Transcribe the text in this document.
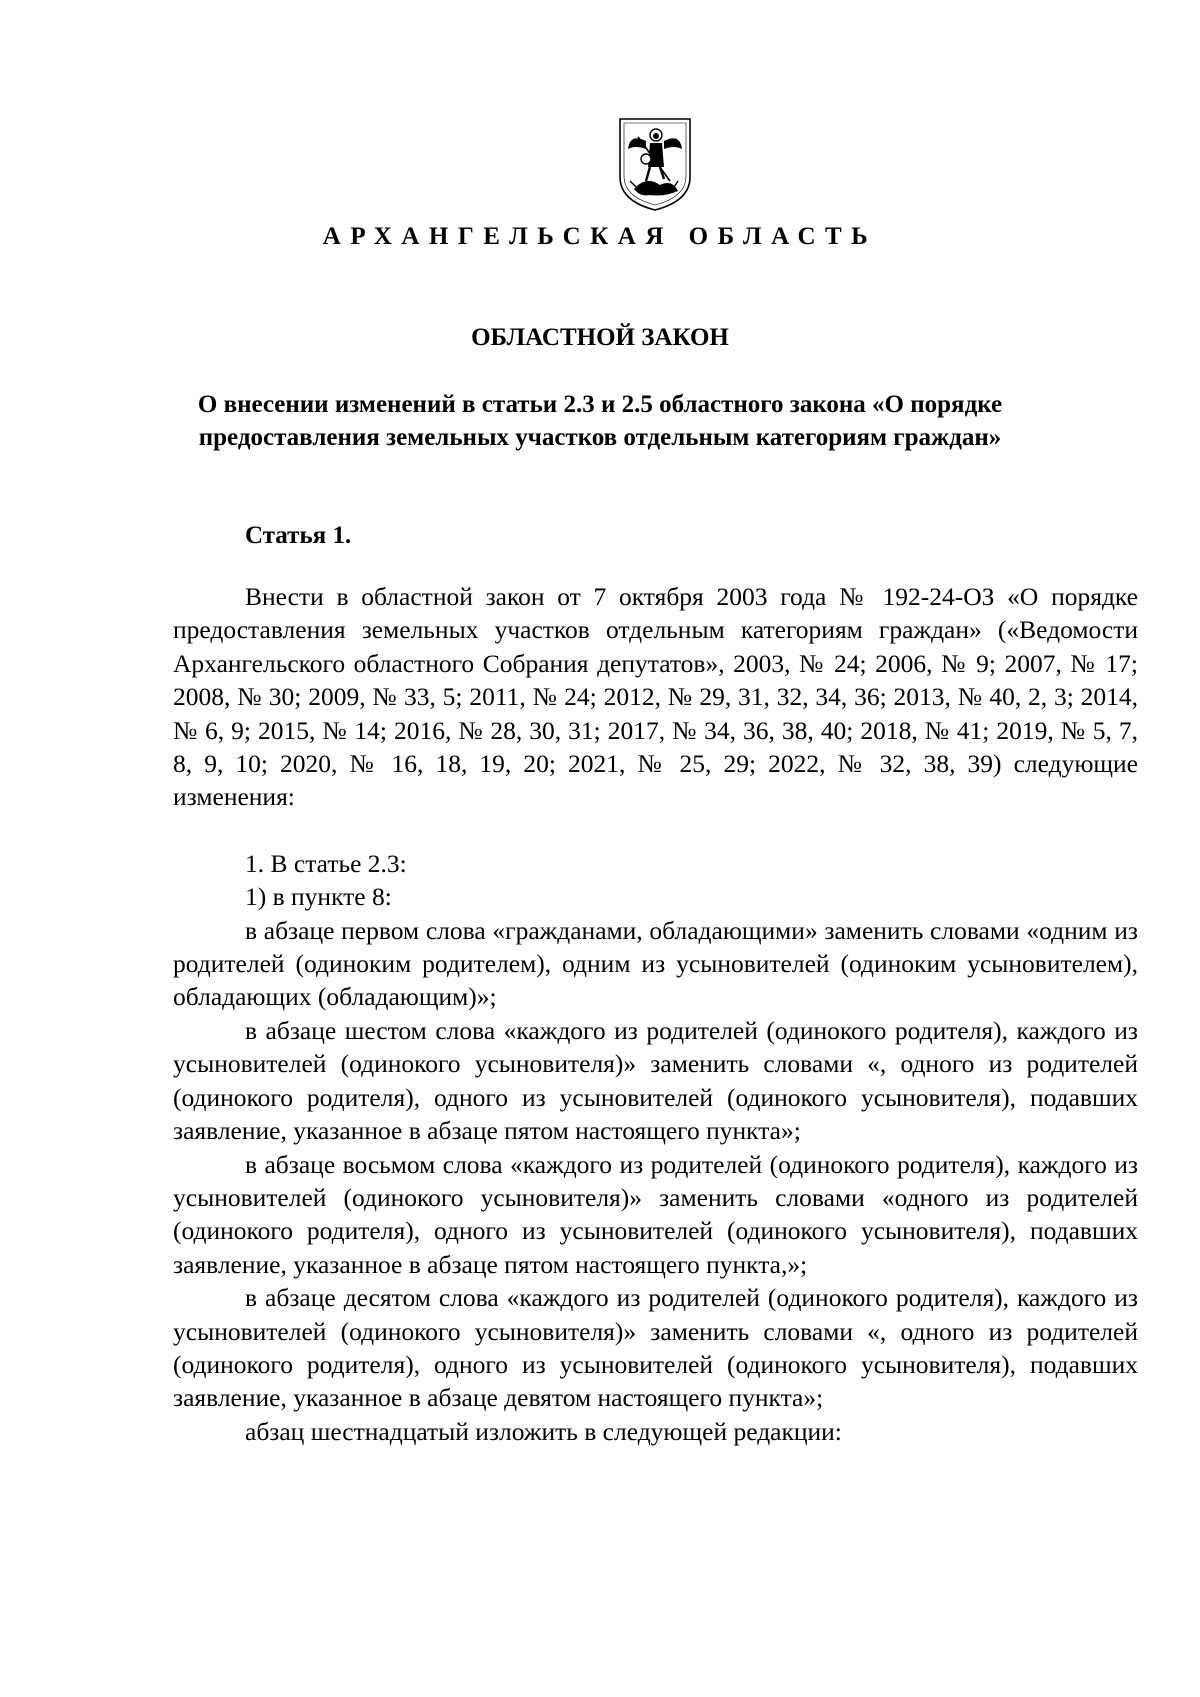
АРХАНГЕЛЬСКАЯ ОБЛАСТЬ
ОБЛАСТНОЙ ЗАКОН
О внесении изменений в статьи 2.3 и 2.5 областного закона «О порядке
предоставления земельных участков отдельным категориям граждан»
Статья 1.

Внести в областной закон от 7 октября 2003 года № 192-24-ОЗ «О порядке предоставления земельных участков отдельным категориям граждан» («Ведомости Архангельского областного Собрания депутатов», 2003, № 24; 2006, № 9; 2007, № 17; 2008, № 30; 2009, № 33, 5; 2011, № 24; 2012, № 29, 31, 32, 34, 36; 2013, № 40, 2, 3; 2014, № 6, 9; 2015, № 14; 2016, № 28, 30, 31; 2017, № 34, 36, 38, 40; 2018, № 41; 2019, № 5, 7, 8, 9, 10; 2020, № 16, 18, 19, 20; 2021, № 25, 29; 2022, № 32, 38, 39) следующие изменения:

1. В статье 2.3:

1) в пункте 8:

в абзаце первом слова «гражданами, обладающими» заменить словами «одним из родителей (одиноким родителем), одним из усыновителей (одиноким усыновителем), обладающих (обладающим)»;

в абзаце шестом слова «каждого из родителей (одинокого родителя), каждого из усыновителей (одинокого усыновителя)» заменить словами «, одного из родителей (одинокого родителя), одного из усыновителей (одинокого усыновителя), подавших заявление, указанное в абзаце пятом настоящего пункта»;

в абзаце восьмом слова «каждого из родителей (одинокого родителя), каждого из усыновителей (одинокого усыновителя)» заменить словами «одного из родителей (одинокого родителя), одного из усыновителей (одинокого усыновителя), подавших заявление, указанное в абзаце пятом настоящего пункта,»;

в абзаце десятом слова «каждого из родителей (одинокого родителя), каждого из усыновителей (одинокого усыновителя)» заменить словами «, одного из родителей (одинокого родителя), одного из усыновителей (одинокого усыновителя), подавших заявление, указанное в абзаце девятом настоящего пункта»;

абзац шестнадцатый изложить в следующей редакции:
